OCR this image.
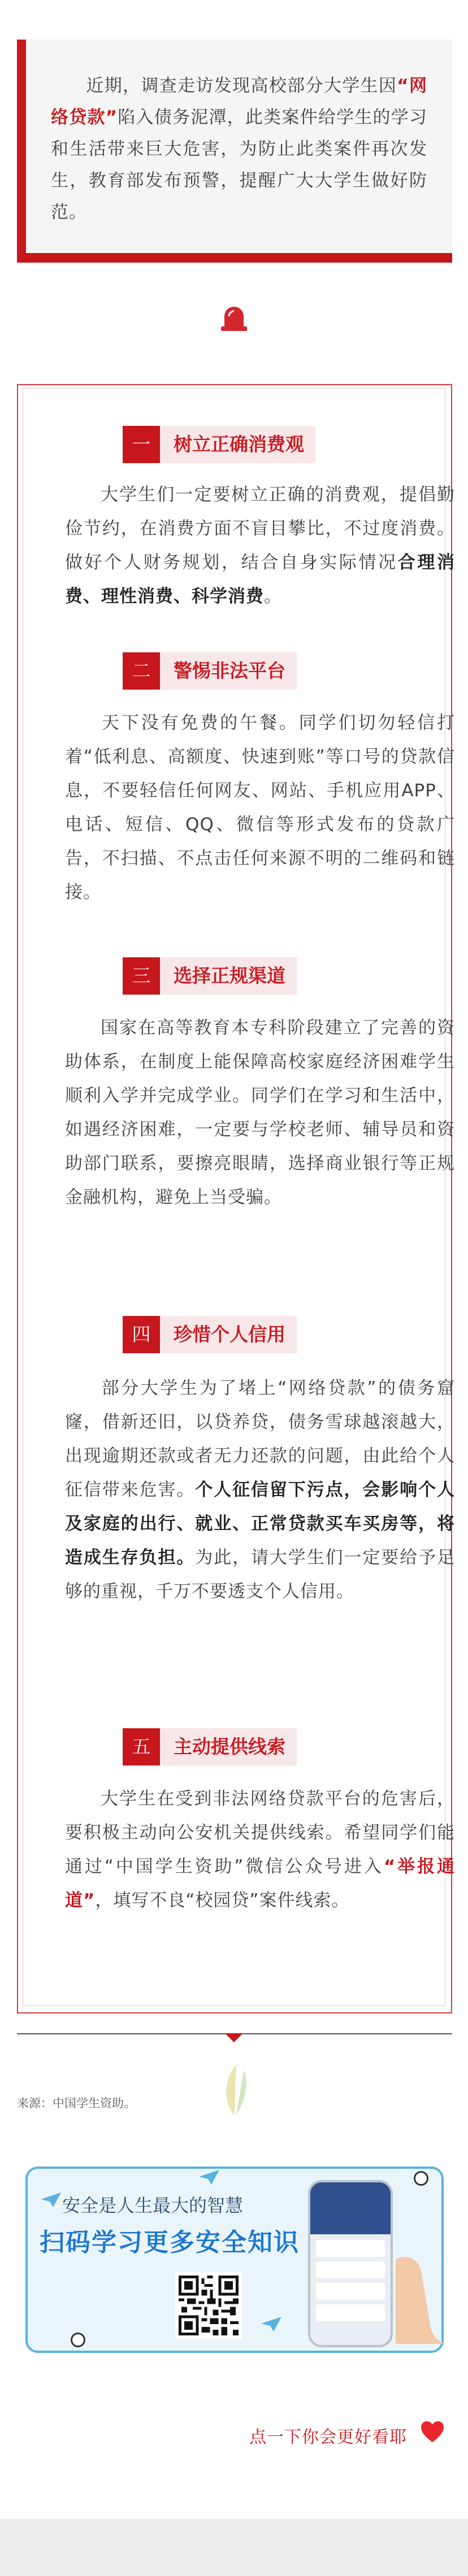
近期，调查走访发现高校部分大学生因“网络贷款”陷入债务泥潭，此类案件给学生的学习和生活带来巨大危害，为防止此类案件再次发生，教育部发布预警，提醒广大大学生做好防范。

一	树立正确消费观

大学生们一定要树立正确的消费观，提倡勤俭节约，在消费方面不盲目攀比，不过度消费。做好个人财务规划，结合自身实际情况合理消费、理性消费、科学消费。

二	警惕非法平台

天下没有免费的午餐。同学们切勿轻信打着“低利息、高额度、快速到账”等口号的贷款信息，不要轻信任何网友、网站、手机应用APP、电话、短信、QQ、微信等形式发布的贷款广告，不扫描、不点击任何来源不明的二维码和链接。

三	选择正规渠道

国家在高等教育本专科阶段建立了完善的资助体系，在制度上能保障高校家庭经济困难学生顺利入学并完成学业。同学们在学习和生活中，如遇经济困难，一定要与学校老师、辅导员和资助部门联系，要擦亮眼睛，选择商业银行等正规金融机构，避免上当受骗。

四	珍惜个人信用

部分大学生为了堵上“网络贷款”的债务窟窿，借新还旧，以贷养贷，债务雪球越滚越大，出现逾期还款或者无力还款的问题，由此给个人征信带来危害。个人征信留下污点，会影响个人及家庭的出行、就业、正常贷款买车买房等，将造成生存负担。为此，请大学生们一定要给予足够的重视，千万不要透支个人信用。

五	主动提供线索

大学生在受到非法网络贷款平台的危害后，要积极主动向公安机关提供线索。希望同学们能通过“中国学生资助”微信公众号进入“举报通道”，填写不良“校园贷”案件线索。

来源：中国学生资助。
安全是人生最大的智慧
扫码学习更多安全知识
点一下你会更好看耶
